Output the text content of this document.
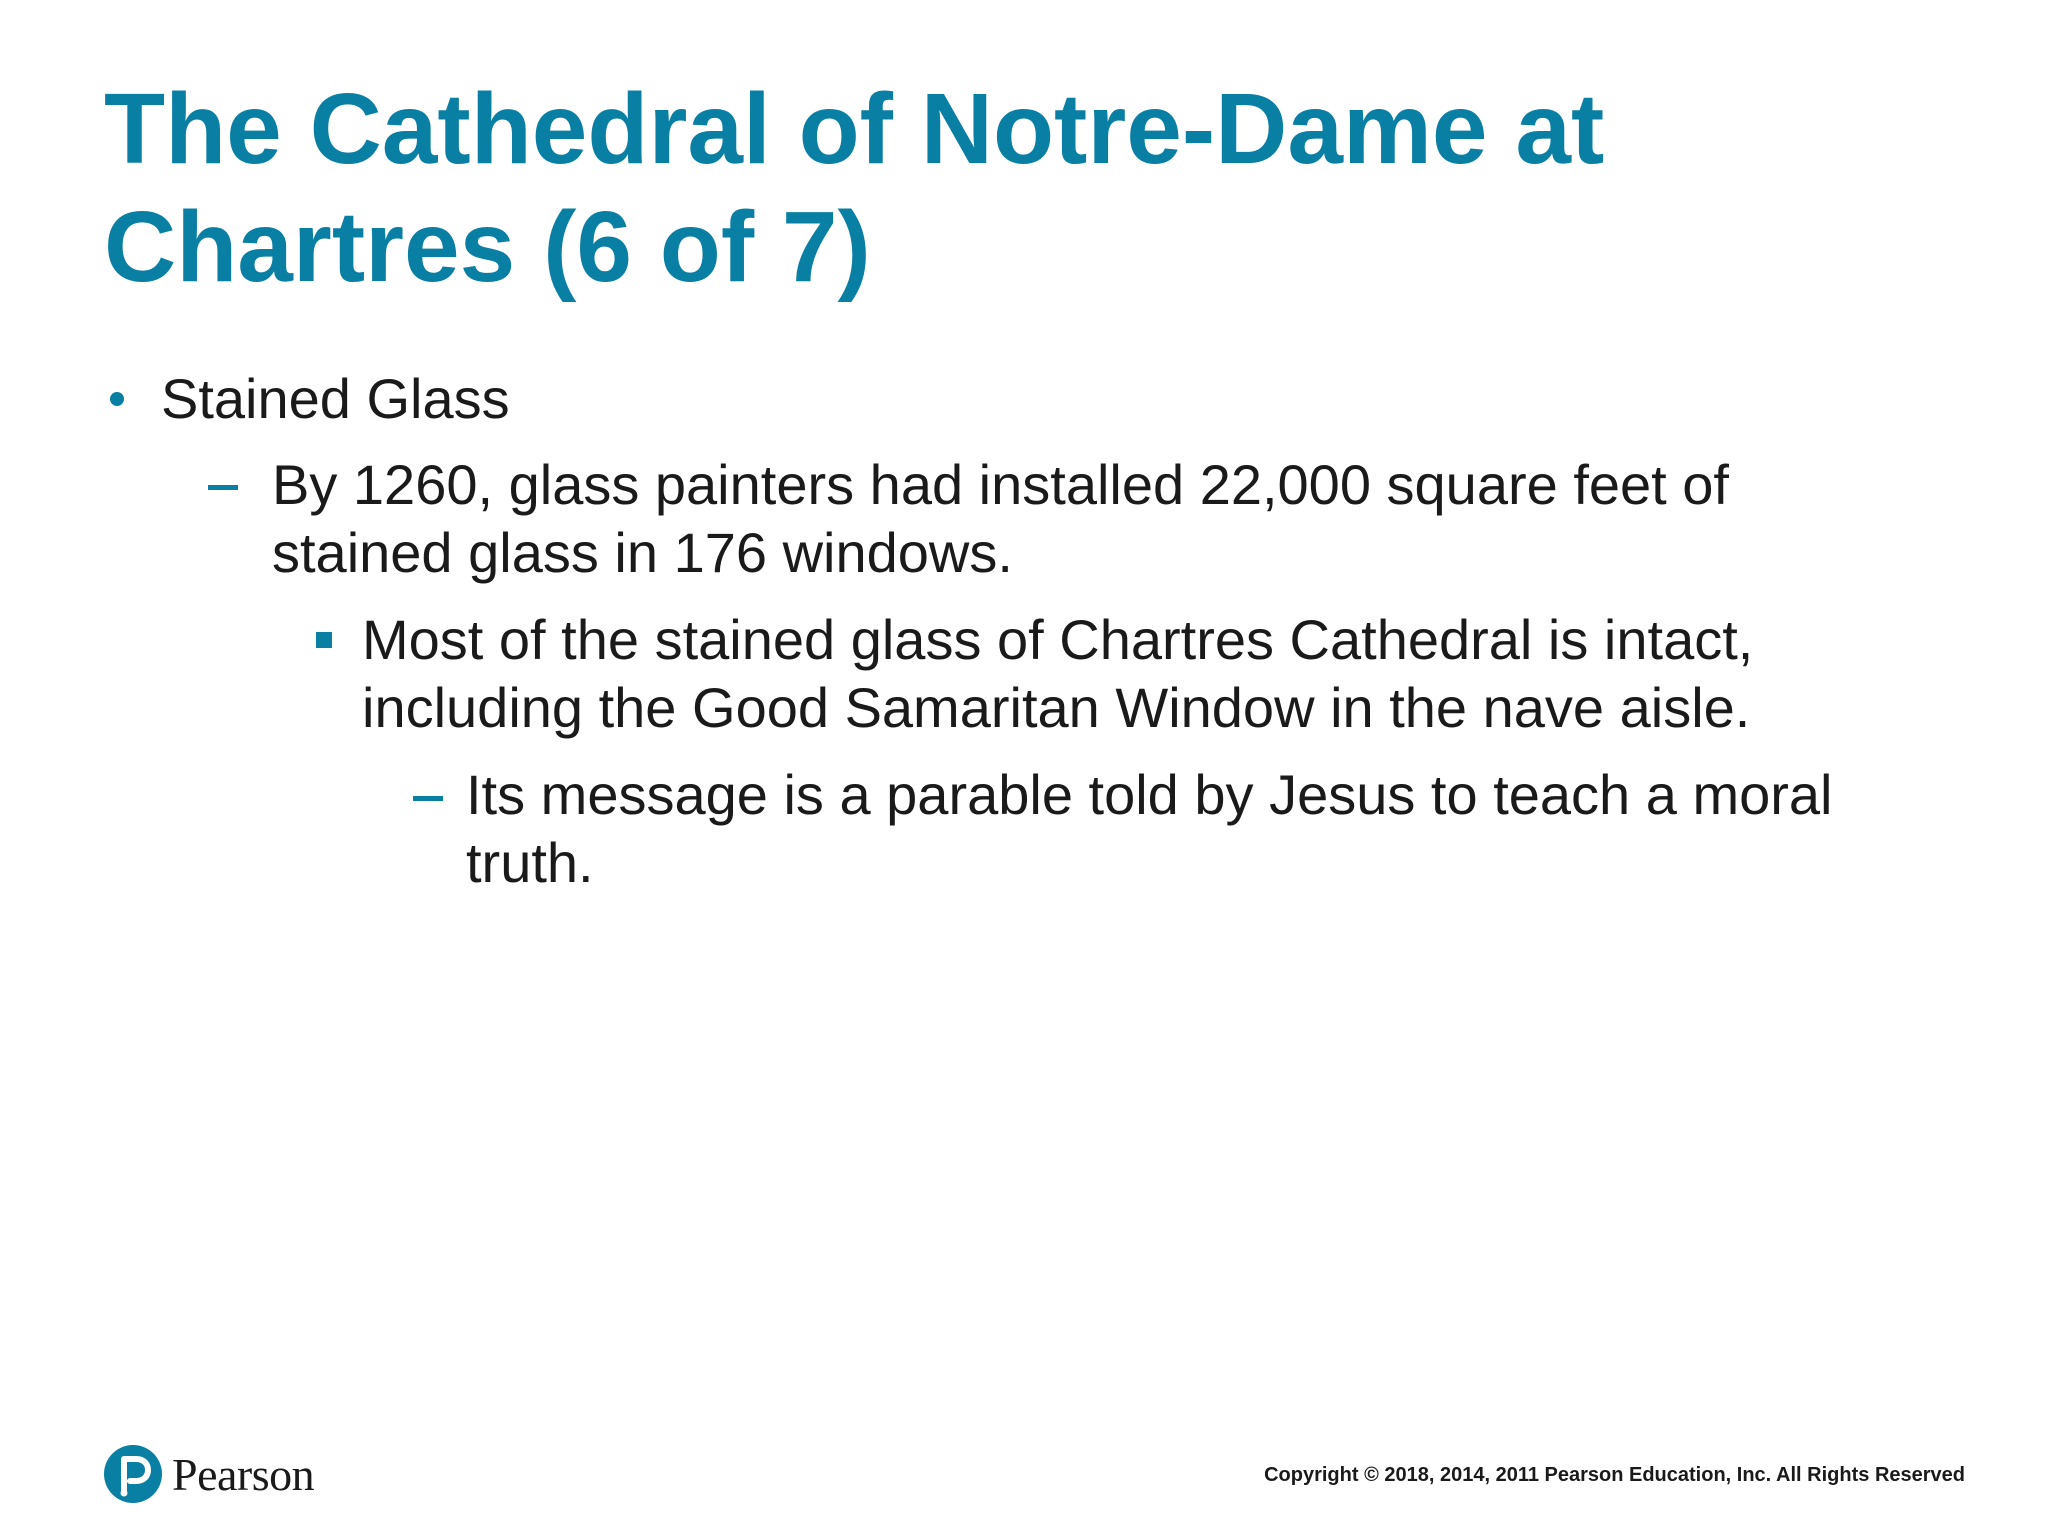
The Cathedral of Notre-Dame at
Chartres (6 of 7)
Stained Glass
By 1260, glass painters had installed 22,000 square feet of
stained glass in 176 windows.
Most of the stained glass of Chartres Cathedral is intact,
including the Good Samaritan Window in the nave aisle.
Its message is a parable told by Jesus to teach a moral
truth.
Pearson	Copyright © 2018, 2014, 2011 Pearson Education, Inc. All Rights Reserved
